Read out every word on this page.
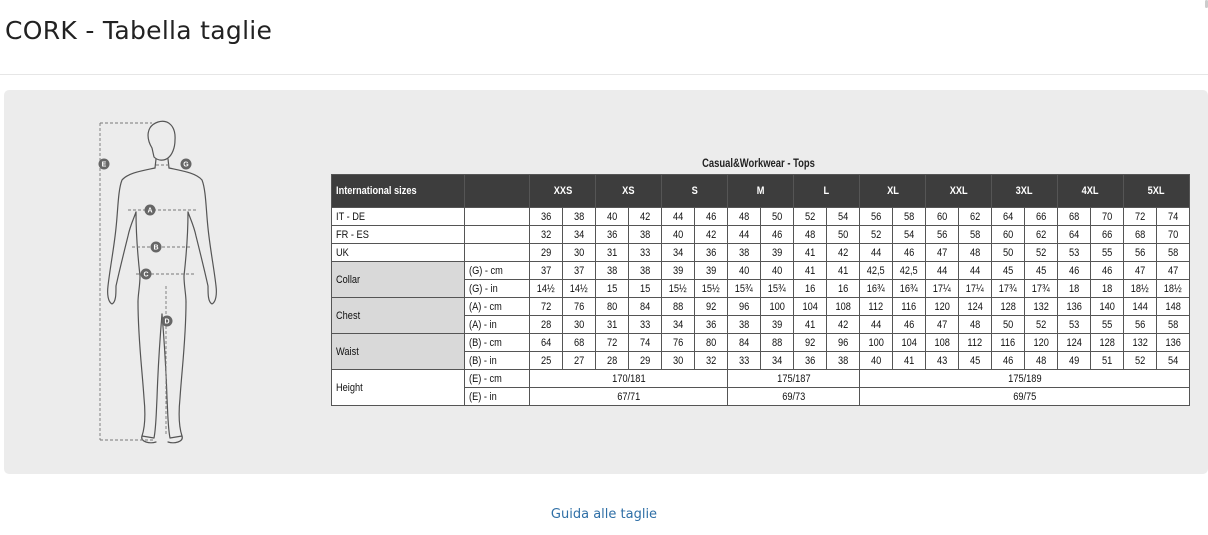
CORK - Tabella taglie
E	G
A
B
C
D
Casual&Workwear - Tops
International sizes		XXS		XS		S		M		L		XL		XXL		3XL		4XL		5XL	
IT - DE		36	38	40	42	44	46	48	50	52	54	56	58	60	62	64	66	68	70	72	74
FR - ES		32	34	36	38	40	42	44	46	48	50	52	54	56	58	60	62	64	66	68	70
UK		29	30	31	33	34	36	38	39	41	42	44	46	47	48	50	52	53	55	56	58
Collar	(G) - cm	37	37	38	38	39	39	40	40	41	41	42,5	42,5	44	44	45	45	46	46	47	47
	(G) - in	14½	14½	15	15	15½	15½	15¾	15¾	16	16	16¾	16¾	17¼	17¼	17¾	17¾	18	18	18½	18½
Chest	(A) - cm	72	76	80	84	88	92	96	100	104	108	112	116	120	124	128	132	136	140	144	148
	(A) - in	28	30	31	33	34	36	38	39	41	42	44	46	47	48	50	52	53	55	56	58
Waist	(B) - cm	64	68	72	74	76	80	84	88	92	96	100	104	108	112	116	120	124	128	132	136
	(B) - in	25	27	28	29	30	32	33	34	36	38	40	41	43	45	46	48	49	51	52	54
Height	(E) - cm	170/181						175/187				175/189									
	(E) - in	67/71						69/73				69/75									
Guida alle taglie
